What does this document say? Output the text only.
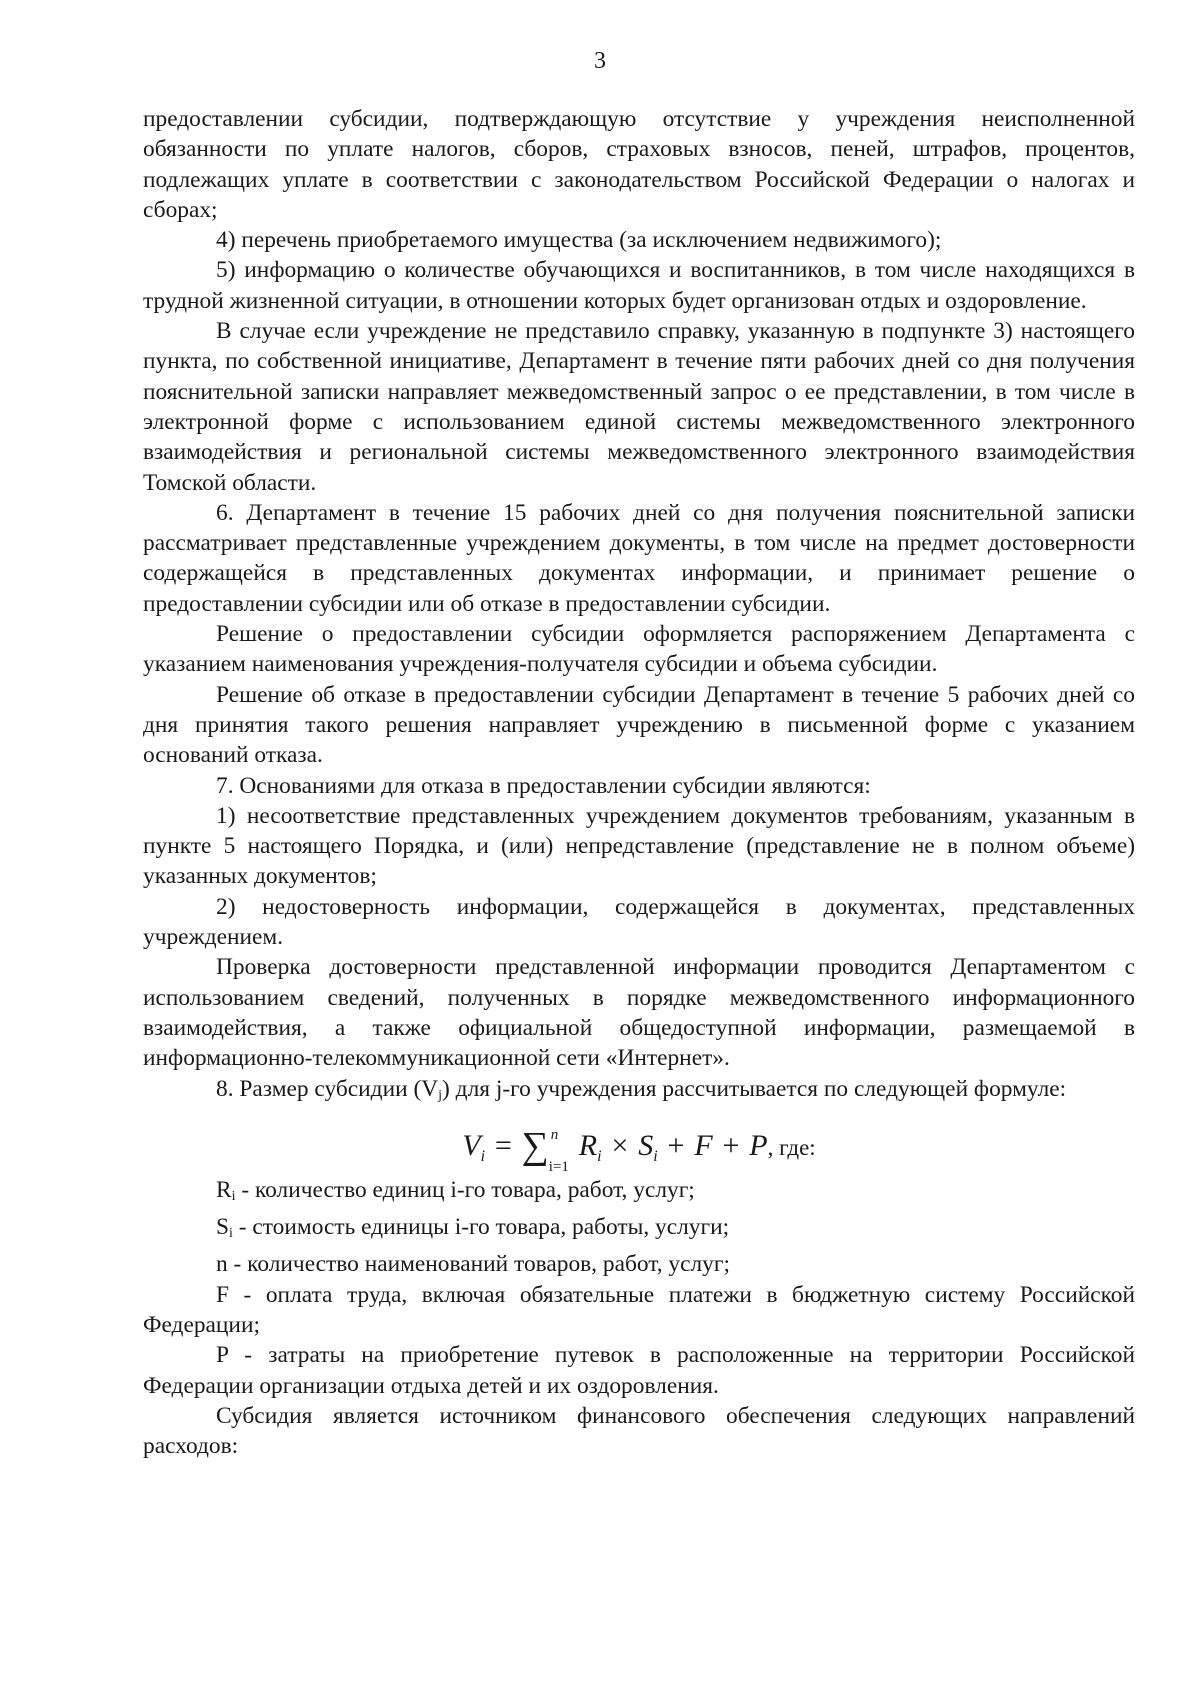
3

предоставлении субсидии, подтверждающую отсутствие у учреждения неисполненной обязанности по уплате налогов, сборов, страховых взносов, пеней, штрафов, процентов, подлежащих уплате в соответствии с законодательством Российской Федерации о налогах и сборах;

4) перечень приобретаемого имущества (за исключением недвижимого);

5) информацию о количестве обучающихся и воспитанников, в том числе находящихся в трудной жизненной ситуации, в отношении которых будет организован отдых и оздоровление.

В случае если учреждение не представило справку, указанную в подпункте 3) настоящего пункта, по собственной инициативе, Департамент в течение пяти рабочих дней со дня получения пояснительной записки направляет межведомственный запрос о ее представлении, в том числе в электронной форме с использованием единой системы межведомственного электронного взаимодействия и региональной системы межведомственного электронного взаимодействия Томской области.

6. Департамент в течение 15 рабочих дней со дня получения пояснительной записки рассматривает представленные учреждением документы, в том числе на предмет достоверности содержащейся в представленных документах информации, и принимает решение о предоставлении субсидии или об отказе в предоставлении субсидии.

Решение о предоставлении субсидии оформляется распоряжением Департамента с указанием наименования учреждения-получателя субсидии и объема субсидии.

Решение об отказе в предоставлении субсидии Департамент в течение 5 рабочих дней со дня принятия такого решения направляет учреждению в письменной форме с указанием оснований отказа.

7. Основаниями для отказа в предоставлении субсидии являются:

1) несоответствие представленных учреждением документов требованиям, указанным в пункте 5 настоящего Порядка, и (или) непредставление (представление не в полном объеме) указанных документов;

2) недостоверность информации, содержащейся в документах, представленных учреждением.

Проверка достоверности представленной информации проводится Департаментом с использованием сведений, полученных в порядке межведомственного информационного взаимодействия, а также официальной общедоступной информации, размещаемой в информационно-телекоммуникационной сети «Интернет».

8. Размер субсидии $(V_j)$ для j-го учреждения рассчитывается по следующей формуле:

$V_i$ = ∑ n
i=1
$R_i \times S_i + F + P$, где:

$R_i$ - количество единиц i-го товара, работ, услуг;

$S_i$ - стоимость единицы i-го товара, работы, услуги;

n - количество наименований товаров, работ, услуг;

F - оплата труда, включая обязательные платежи в бюджетную систему Российской Федерации;

P - затраты на приобретение путевок в расположенные на территории Российской Федерации организации отдыха детей и их оздоровления.

Субсидия является источником финансового обеспечения следующих направлений расходов:
